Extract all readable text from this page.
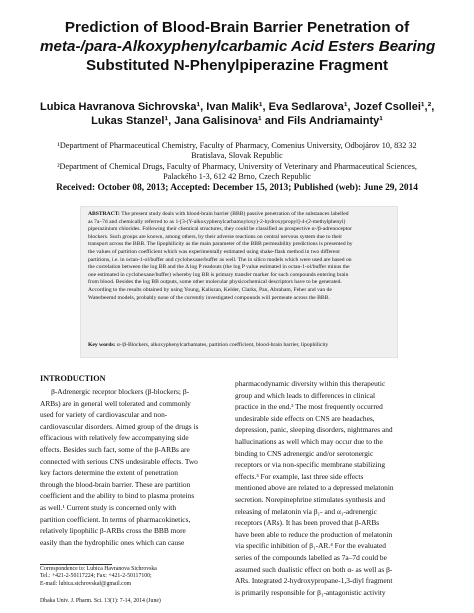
Prediction of Blood-Brain Barrier Penetration of
meta-/para-Alkoxyphenylcarbamic Acid Esters Bearing
Substituted N-Phenylpiperazine Fragment
Lubica Havranova Sichrovska¹, Ivan Malik¹, Eva Sedlarova¹, Jozef Csollei¹,²,
Lukas Stanzel¹, Jana Galisinova¹ and Fils Andriamainty¹
¹Department of Pharmaceutical Chemistry, Faculty of Pharmacy, Comenius University, Odbojárov 10, 832 32
Bratislava, Slovak Republic
²Department of Chemical Drugs, Faculty of Pharmacy, University of Veterinary and Pharmaceutical Sciences,
Palackého 1-3, 612 42 Brno, Czech Republic
Received: October 08, 2013; Accepted: December 15, 2013; Published (web): June 29, 2014
ABSTRACT: The present study deals with blood-brain barrier (BBB) passive penetration of the substances labelled
as 7a–7d and chemically referred to as 1-[3-(Y-alkoxyphenylcarbamoyloxy)-2-hydroxypropyl]-4-(2-methylphenyl)
piperazinium chlorides. Following their chemical structures, they could be classified as prospective α-/β-adrenoceptor
blockers. Such groups are known, among others, by their adverse reactions on central nervous system due to their
transport across the BBB. The lipophilicity as the main parameter of the BBB permeability predictions is presented by
the values of partition coefficient which was experimentally estimated using shake-flask method in two different
partitions, i.e. in octan-1-ol/buffer and cyclohexane/buffer as well. The in silico models which were used are based on
the correlation between the log BB and the Δ log P readouts (the log P value estimated in octan-1-ol/buffer minus the
one estimated in cyclohexane/buffer) whereby log BB is primary transfer marker for such compounds entering brain
from blood. Besides the log BB outputs, some other molecular physicochemical descriptors have to be generated.
According to the results obtained by using Young, Kaliszan, Kelder, Clarks, Pan, Abraham, Feher and van de
Waterbeemd models, probably none of the currently investigated compounds will permeate across the BBB.
Key words: α-/β-Blockers, alkoxyphenylcarbamates, partition coefficient, blood-brain barrier, lipophilicity
INTRODUCTION
β-Adrenergic receptor blockers (β-blockers; β-
ARBs) are in general well tolerated and commonly
used for variety of cardiovascular and non-
cardiovascular disorders. Aimed group of the drugs is
efficacious with relatively few accompanying side
effects. Besides such fact, some of the β-ARBs are
connected with serious CNS undesirable effects. Two
key factors determine the extent of penetration
through the blood-brain barrier. These are partition
coefficient and the ability to bind to plasma proteins
as well.¹ Current study is concerned only with
partition coefficient. In terms of pharmacokinetics,
relatively lipophilic β-ARBs cross the BBB more
easily than the hydrophilic ones which can cause
pharmacodynamic diversity within this therapeutic
group and which leads to differences in clinical
practice in the end.² The most frequently occurred
undesirable side effects on CNS are headaches,
depression, panic, sleeping disorders, nightmares and
hallucinations as well which may occur due to the
binding to CNS adrenergic and/or serotonergic
receptors or via non-specific membrane stabilizing
effects.³ For example, last three side effects
mentioned above are related to a depressed melatonin
secretion. Norepinephrine stimulates synthesis and
releasing of melatonin via β₁- and α₁-adrenergic
receptors (ARs). It has been proved that β-ARBs
have been able to reduce the production of melatonin
via specific inhibition of β₁-AR.⁴ For the evaluated
series of the compounds labelled as 7a–7d could be
assumed such dualistic effect on both α- as well as β-
ARs. Integrated 2-hydroxypropane-1,3-diyl fragment
is primarily responsible for β₁-antagonistic activity
Correspondence to: Lubica Havranova Sichrovska
Tel.: +421-2-50117224; Fax: +421-2-50117100;
E-mail: lubica.sichrovskaf@gmail.com
Dhaka Univ. J. Pharm. Sci. 13(1): 7-14, 2014 (June)
